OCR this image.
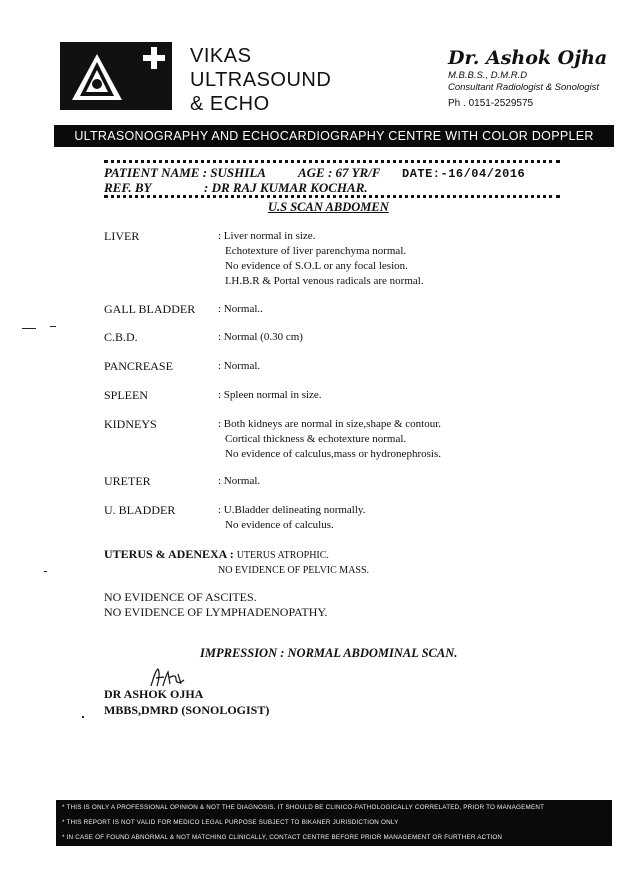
VIKAS
ULTRASOUND
& ECHO
Dr. Ashok Ojha
M.B.B.S., D.M.R.D
Consultant Radiologist & Sonologist
Ph . 0151-2529575
ULTRASONOGRAPHY AND ECHOCARDIOGRAPHY CENTRE WITH COLOR DOPPLER
PATIENT NAME : SUSHILA AGE : 67 YR/F DATE:-16/04/2016
REF. BY	: DR RAJ KUMAR KOCHAR.
U.S SCAN ABDOMEN
LIVER	: Liver normal in size.
Echotexture of liver parenchyma normal.
No evidence of S.O.L or any focal lesion.
I.H.B.R & Portal venous radicals are normal.
GALL BLADDER	: Normal..
C.B.D.	: Normal (0.30 cm)
PANCREASE	: Normal.
SPLEEN	: Spleen normal in size.
KIDNEYS	: Both kidneys are normal in size,shape & contour.
Cortical thickness & echotexture normal.
No evidence of calculus,mass or hydronephrosis.
URETER	: Normal.
U. BLADDER	: U.Bladder delineating normally.
No evidence of calculus.
UTERUS & ADENEXA : UTERUS ATROPHIC.
NO EVIDENCE OF PELVIC MASS.
NO EVIDENCE OF ASCITES.
NO EVIDENCE OF LYMPHADENOPATHY.
IMPRESSION : NORMAL ABDOMINAL SCAN.
DR ASHOK OJHA
MBBS,DMRD (SONOLOGIST)
* THIS IS ONLY A PROFESSIONAL OPINION & NOT THE DIAGNOSIS. IT SHOULD BE CLINICO-PATHOLOGICALLY CORRELATED, PRIOR TO MANAGEMENT
* THIS REPORT IS NOT VALID FOR MEDICO LEGAL PURPOSE SUBJECT TO BIKANER JURISDICTION ONLY
* IN CASE OF FOUND ABNORMAL & NOT MATCHING CLINICALLY, CONTACT CENTRE BEFORE PRIOR MANAGEMENT OR FURTHER ACTION
